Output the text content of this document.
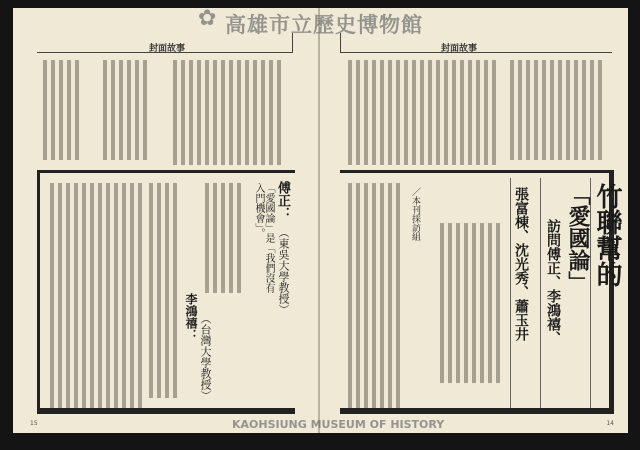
封面故事
傅正：
（東吳大學教授）
「愛國論」是「我們沒有入門機會」。
李鴻禧： （台灣大學教授）
15
封面故事
／本刊採訪組	張富棟、沈光秀、蕭玉井 訪問傅正、李鴻禧、 「愛國論」 竹聯幫的
14
✿ 高雄市立歷史博物館
KAOHSIUNG MUSEUM OF HISTORY
